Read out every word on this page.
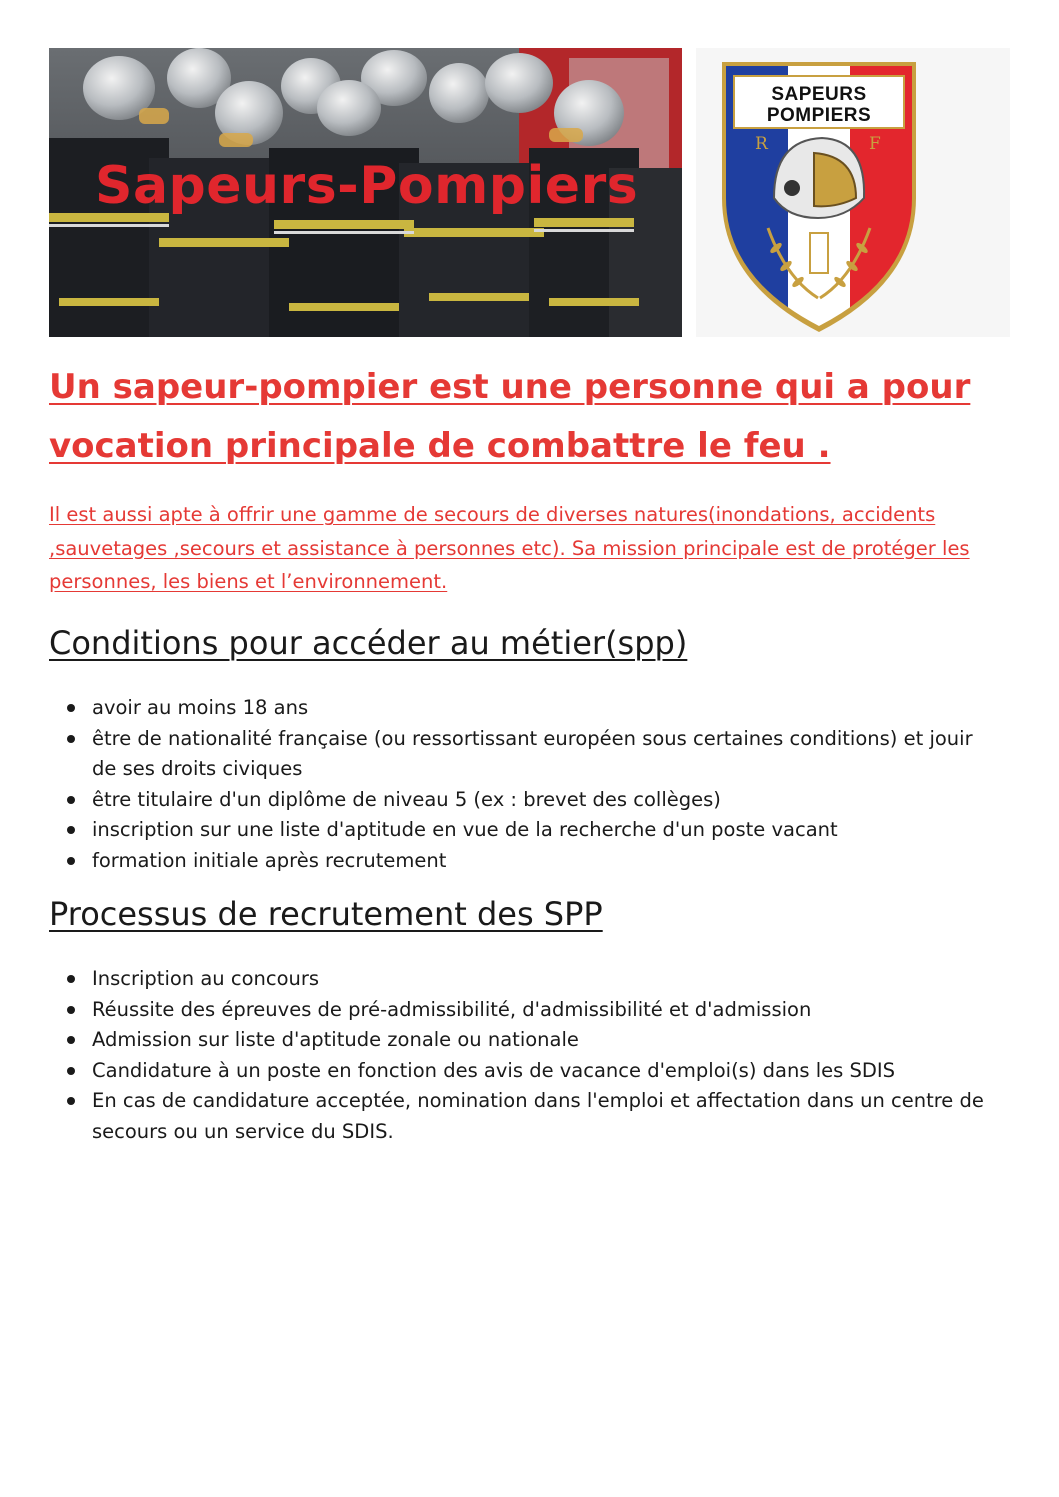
Sapeurs-Pompiers
SAPEURS
POMPIERS
R	F
Un sapeur-pompier est une personne qui a pour vocation principale de combattre le feu .

Il est aussi apte à offrir une gamme de secours de diverses natures(inondations, accidents ,sauvetages ,secours et assistance à personnes etc). Sa mission principale est de protéger les personnes, les biens et l’environnement.

Conditions pour accéder au métier(spp)
avoir au moins 18 ans
être de nationalité française (ou ressortissant européen sous certaines conditions) et jouir de ses droits civiques
être titulaire d'un diplôme de niveau 5 (ex : brevet des collèges)
inscription sur une liste d'aptitude en vue de la recherche d'un poste vacant
formation initiale après recrutement
Processus de recrutement des SPP
Inscription au concours
Réussite des épreuves de pré-admissibilité, d'admissibilité et d'admission
Admission sur liste d'aptitude zonale ou nationale
Candidature à un poste en fonction des avis de vacance d'emploi(s) dans les SDIS
En cas de candidature acceptée, nomination dans l'emploi et affectation dans un centre de secours ou un service du SDIS.
